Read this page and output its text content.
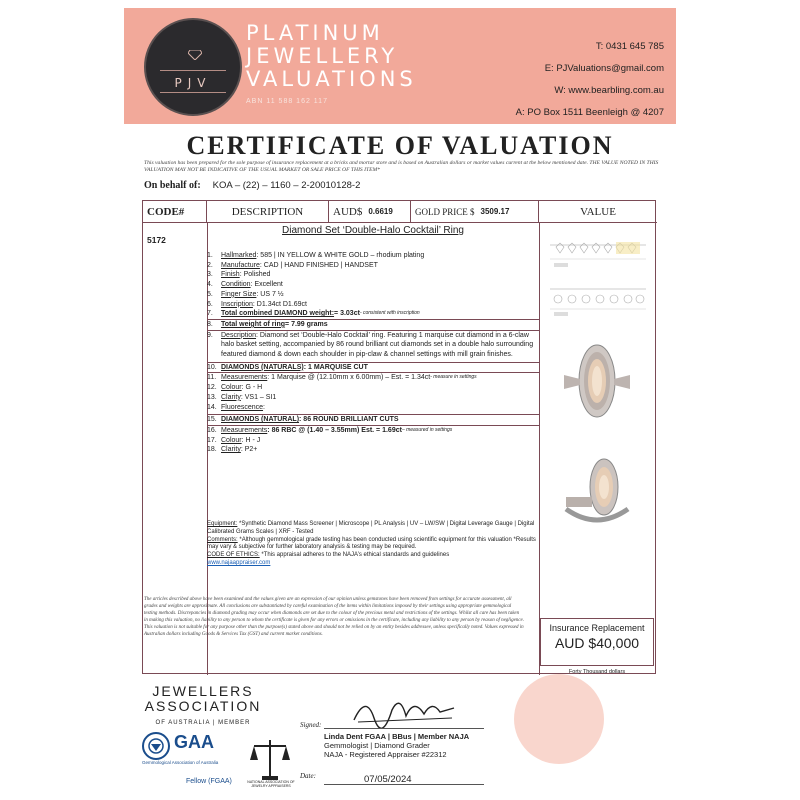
PJV
PLATINUM
JEWELLERY
VALUATIONS
ABN 11 588 162 117
T: 0431 645 785
E: PJValuations@gmail.com
W: www.bearbling.com.au
A: PO Box 1511 Beenleigh @ 4207
CERTIFICATE OF VALUATION
This valuation has been prepared for the sole purpose of insurance replacement at a bricks and mortar store and is based on Australian dollars or market values current at the below mentioned date. THE VALUE NOTED IN THIS VALUATION MAY NOT BE INDICATIVE OF THE USUAL MARKET OR SALE PRICE OF THIS ITEM*
On behalf of: KOA – (22) – 1160 – 2-20010128-2
CODE#	DESCRIPTION	AUD$ 0.6619 GOLD PRICE $ 3509.17	VALUE
5172
Diamond Set ‘Double-Halo Cocktail’ Ring
1.	Hallmarked : 585 | IN YELLOW & WHITE GOLD – rhodium plating
2.	Manufacture : CAD | HAND FINISHED | HANDSET
3.	Finish : Polished
4.	Condition : Excellent
5.	Finger Size : US 7 ½
6.	Inscription : D1.34ct D1.69ct
7.	Total combined DIAMOND weight: = 3.03ct - consistent with inscription
8.	Total weight of ring = 7.99 grams
9. Description: Diamond set ‘Double-Halo Cocktail’ ring. Featuring 1 marquise cut diamond in a 6-claw halo basket setting, accompanied by 86 round brilliant cut diamonds set in a double halo surrounding featured diamond & down each shoulder in pip-claw & channel settings with mill grain finishes.
10. DIAMONDS (NATURALS) : 1 MARQUISE CUT
11. Measurements : 1 Marquise @ (12.10mm x 6.00mm) – Est. = 1.34ct - measure in settings
12. Colour : G - H
13. Clarity : VS1 – SI1
14. Fluorescence :
15. DIAMONDS (NATURAL) : 86 ROUND BRILLIANT CUTS
16. Measurements : 86 RBC @ (1.40 – 3.55mm) Est. = 1.69ct – measured in settings
17. Colour : H - J
18. Clarity : P2+
Equipment: *Synthetic Diamond Mass Screener | Microscope | PL Analysis | UV – LW/SW | Digital Leverage Gauge | Digital Calibrated Grams Scales | XRF - Tested
Comments: *Although gemmological grade testing has been conducted using scientific equipment for this valuation *Results may vary & subjective for further laboratory analysis & testing may be required.
CODE OF ETHICS: *This appraisal adheres to the NAJA’s ethical standards and guidelines
www.najaappraiser.com
The articles described above have been examined and the values given are an expression of our opinion unless gemstones have been removed from settings for accurate assessment, all grades and weights are approximate. All conclusions are substantiated by careful examination of the items within limitations imposed by their settings using appropriate gemmological testing methods. Discrepancies in diamond grading may occur when diamonds are set due to the colour of the precious metal and restrictions of the settings. Whilst all care has been taken in making this valuation, no liability to any person to whom the certificate is given for any errors or omissions in the certificate, including any liability to any person by reason of negligence. This valuation is not suitable for any purpose other than the purpose(s) stated above and should not be relied on by an entity besides addressee, unless specifically noted. Values expressed in Australian dollars including Goods & Services Tax (GST) and current market conditions.
Insurance Replacement
AUD $40,000
Forty Thousand dollars
JEWELLERS
ASSOCIATION
OF AUSTRALIA | MEMBER
GAA
Gemmological Association of Australia
Fellow (FGAA)	NATIONAL ASSOCIATION OF JEWELRY APPRAISERS
Signed:
Linda Dent FGAA | BBus | Member NAJA
Gemmologist | Diamond Grader
NAJA - Registered Appraiser #22312
Date:	07/05/2024
